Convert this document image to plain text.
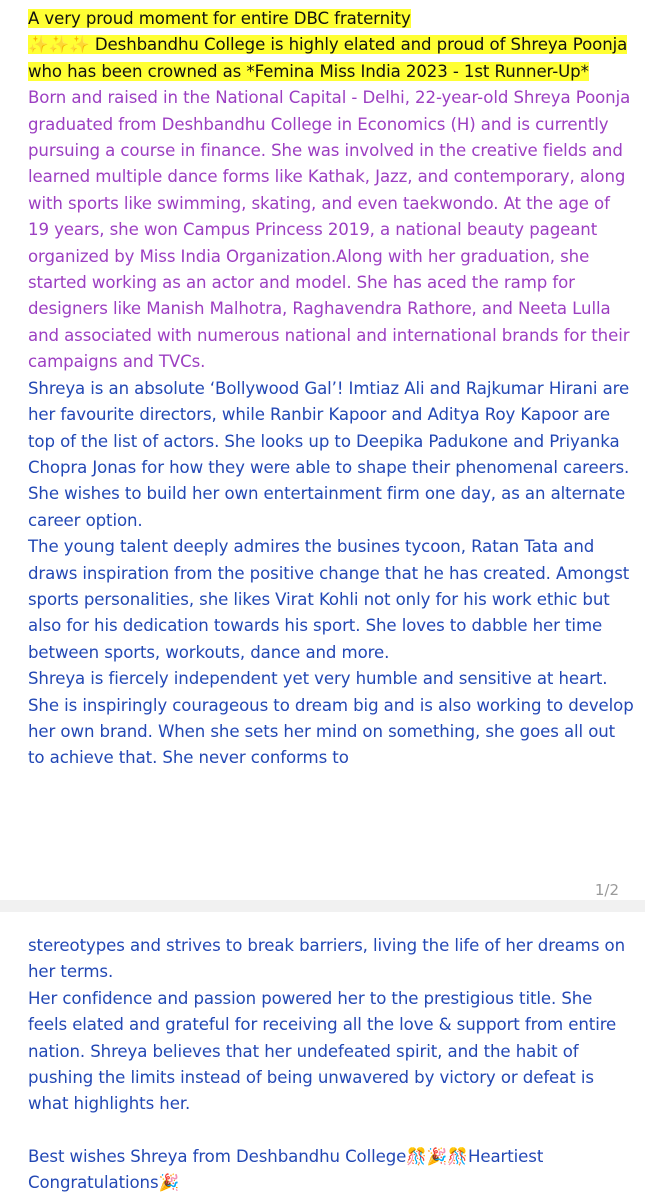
A very proud moment for entire DBC fraternity

✨✨✨ Deshbandhu College is highly elated and proud of Shreya Poonja who has been crowned as *Femina Miss India 2023 - 1st Runner-Up*

Born and raised in the National Capital - Delhi, 22-year-old Shreya Poonja graduated from Deshbandhu College in Economics (H) and is currently pursuing a course in finance. She was involved in the creative fields and learned multiple dance forms like Kathak, Jazz, and contemporary, along with sports like swimming, skating, and even taekwondo. At the age of 19 years, she won Campus Princess 2019, a national beauty pageant organized by Miss India Organization.Along with her graduation, she started working as an actor and model. She has aced the ramp for designers like Manish Malhotra, Raghavendra Rathore, and Neeta Lulla and associated with numerous national and international brands for their campaigns and TVCs.

Shreya is an absolute ‘Bollywood Gal’! Imtiaz Ali and Rajkumar Hirani are her favourite directors, while Ranbir Kapoor and Aditya Roy Kapoor are top of the list of actors. She looks up to Deepika Padukone and Priyanka Chopra Jonas for how they were able to shape their phenomenal careers. She wishes to build her own entertainment firm one day, as an alternate career option.

The young talent deeply admires the busines tycoon, Ratan Tata and draws inspiration from the positive change that he has created. Amongst sports personalities, she likes Virat Kohli not only for his work ethic but also for his dedication towards his sport. She loves to dabble her time between sports, workouts, dance and more.

Shreya is fiercely independent yet very humble and sensitive at heart. She is inspiringly courageous to dream big and is also working to develop her own brand. When she sets her mind on something, she goes all out to achieve that. She never conforms to

1/2

stereotypes and strives to break barriers, living the life of her dreams on her terms.

Her confidence and passion powered her to the prestigious title. She feels elated and grateful for receiving all the love & support from entire nation. Shreya believes that her undefeated spirit, and the habit of pushing the limits instead of being unwavered by victory or defeat is what highlights her.

Best wishes Shreya from Deshbandhu College🎊🎉🎊Heartiest Congratulations🎉
